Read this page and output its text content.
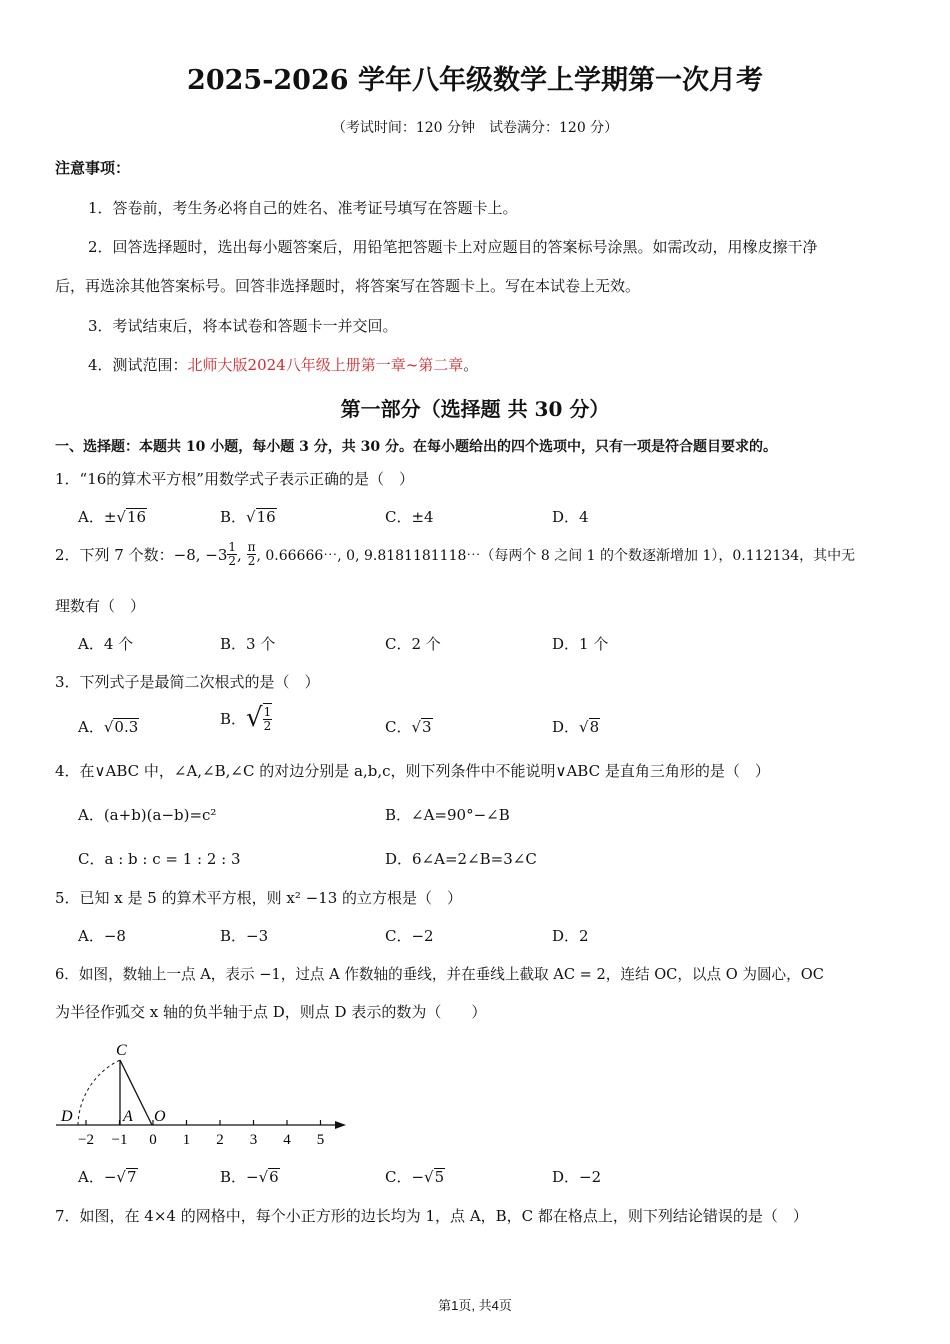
2025-2026 学年八年级数学上学期第一次月考
（考试时间：120 分钟　试卷满分：120 分）
注意事项：
1．答卷前，考生务必将自己的姓名、准考证号填写在答题卡上。
2．回答选择题时，选出每小题答案后，用铅笔把答题卡上对应题目的答案标号涂黑。如需改动，用橡皮擦干净
后，再选涂其他答案标号。回答非选择题时，将答案写在答题卡上。写在本试卷上无效。
3．考试结束后，将本试卷和答题卡一并交回。
4．测试范围：北师大版2024八年级上册第一章~第二章。
第一部分（选择题 共 30 分）
一、选择题：本题共 10 小题，每小题 3 分，共 30 分。在每小题给出的四个选项中，只有一项是符合题目要求的。
1．“16的算术平方根”用数学式子表示正确的是（　）
A．±√16	B．√16	C．±4	D．4
2．下列 7 个数：−8, $-3 \frac{1}{2}$ , $\frac{\pi}{2}$ , 0.66666⋯, 0, 9.8181181118⋯（每两个 8 之间 1 的个数逐渐增加 1），0.112134，其中无
理数有（　）
A．4 个	B．3 个	C．2 个	D．1 个
3．下列式子是最简二次根式的是（　）
A．√0.3	B． √ $\frac{1}{2}$	C．√3	D．√8
4．在∨ABC 中，∠A,∠B,∠C 的对边分别是 a,b,c，则下列条件中不能说明∨ABC 是直角三角形的是（　）
A．(a+b)(a−b)=c²	B．∠A=90°−∠B
C．a : b : c = 1 : 2 : 3	D．6∠A=2∠B=3∠C
5．已知 x 是 5 的算术平方根，则 x² −13 的立方根是（　）
A．−8	B．−3	C．−2	D．2
6．如图，数轴上一点 A，表示 −1，过点 A 作数轴的垂线，并在垂线上截取 AC = 2，连结 OC，以点 O 为圆心，OC
为半径作弧交 x 轴的负半轴于点 D，则点 D 表示的数为（　　）
−2 −1 0 1 2 3 4 5
C
D	A O
A．−√7	B．−√6	C．−√5	D．−2
7．如图，在 4×4 的网格中，每个小正方形的边长均为 1，点 A，B，C 都在格点上，则下列结论错误的是（　）
第1页, 共4页
